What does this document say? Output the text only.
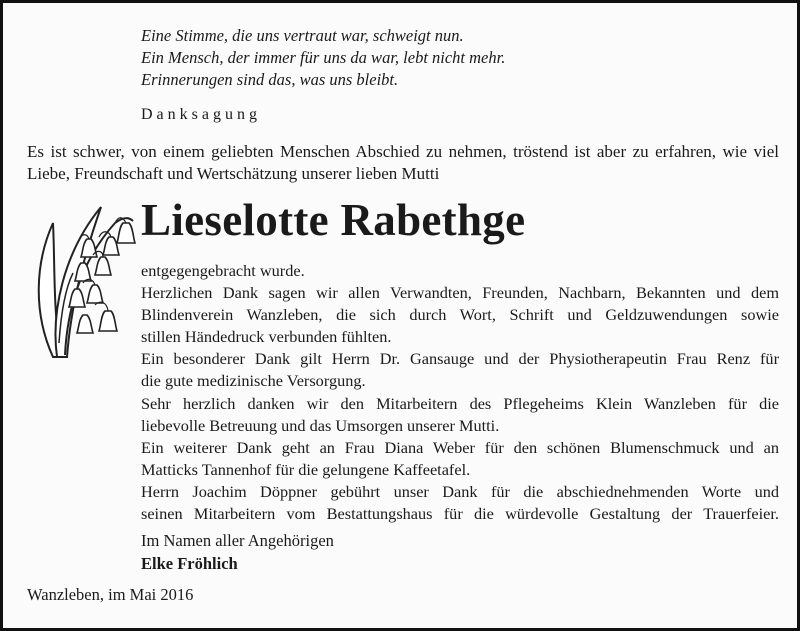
Eine Stimme, die uns vertraut war, schweigt nun.
Ein Mensch, der immer für uns da war, lebt nicht mehr.
Erinnerungen sind das, was uns bleibt.
Danksagung
Es ist schwer, von einem geliebten Menschen Abschied zu nehmen, tröstend ist aber zu erfahren, wie viel Liebe, Freundschaft und Wertschätzung unserer lieben Mutti
Lieselotte Rabethge
entgegengebracht wurde.
Herzlichen Dank sagen wir allen Verwandten, Freunden, Nachbarn, Bekannten und dem
Blindenverein Wanzleben, die sich durch Wort, Schrift und Geldzuwendungen sowie
stillen Händedruck verbunden fühlten.
Ein besonderer Dank gilt Herrn Dr. Gansauge und der Physiotherapeutin Frau Renz für
die gute medizinische Versorgung.
Sehr herzlich danken wir den Mitarbeitern des Pflegeheims Klein Wanzleben für die
liebevolle Betreuung und das Umsorgen unserer Mutti.
Ein weiterer Dank geht an Frau Diana Weber für den schönen Blumenschmuck und an
Matticks Tannenhof für die gelungene Kaffeetafel.
Herrn Joachim Döppner gebührt unser Dank für die abschiednehmenden Worte und
seinen Mitarbeitern vom Bestattungshaus für die würdevolle Gestaltung der Trauerfeier.
Im Namen aller Angehörigen
Elke Fröhlich
Wanzleben, im Mai 2016
